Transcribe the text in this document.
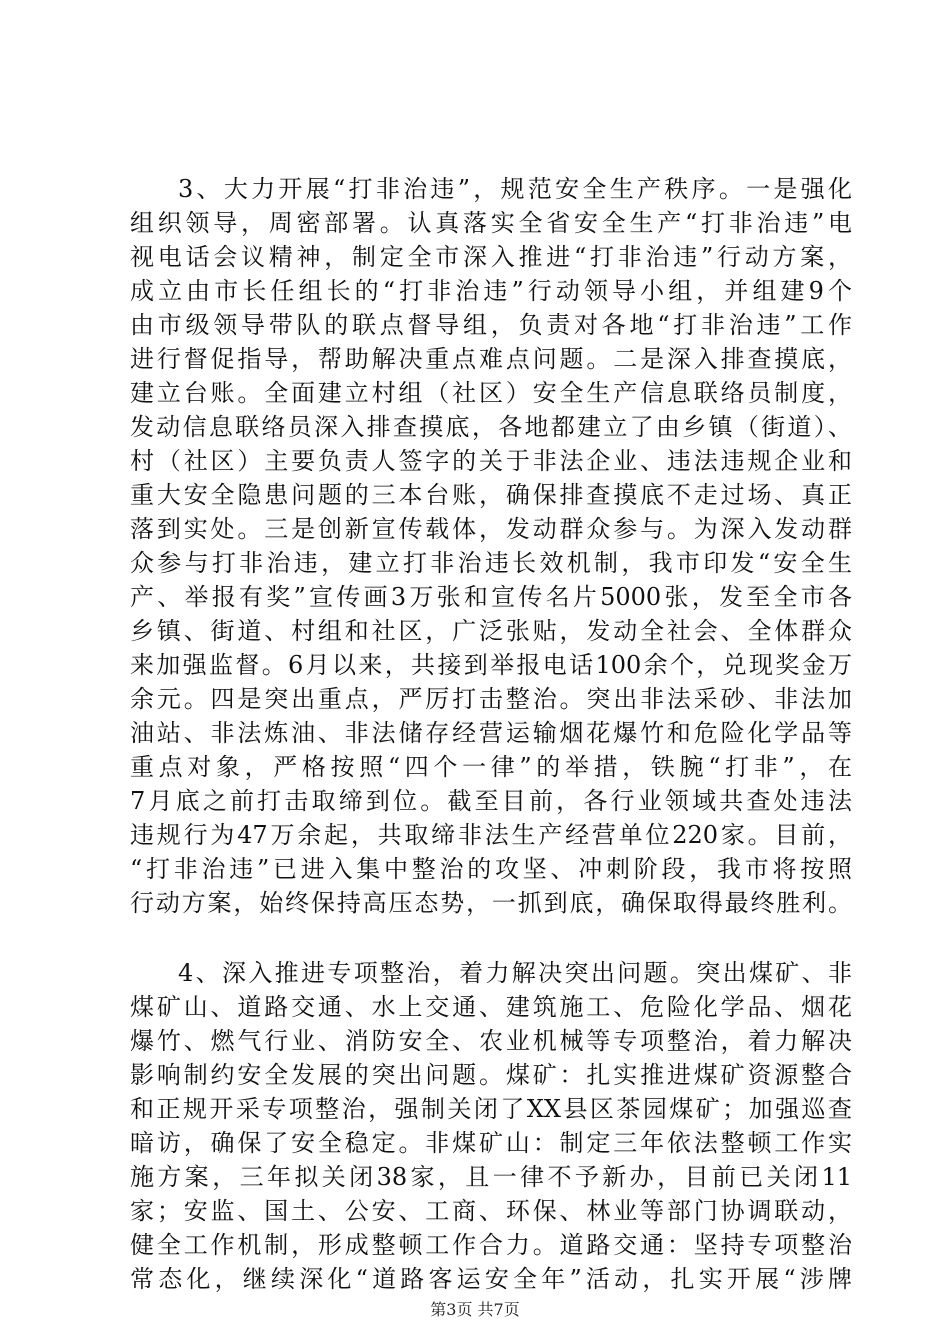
3、大力开展“打非治违”，规范安全生产秩序。一是强化
组织领导，周密部署。认真落实全省安全生产“打非治违”电
视电话会议精神，制定全市深入推进“打非治违”行动方案，
成立由市长任组长的“打非治违”行动领导小组，并组建9个
由市级领导带队的联点督导组，负责对各地“打非治违”工作
进行督促指导，帮助解决重点难点问题。二是深入排查摸底，
建立台账。全面建立村组（社区）安全生产信息联络员制度，
发动信息联络员深入排查摸底，各地都建立了由乡镇（街道）、
村（社区）主要负责人签字的关于非法企业、违法违规企业和
重大安全隐患问题的三本台账，确保排查摸底不走过场、真正
落到实处。三是创新宣传载体，发动群众参与。为深入发动群
众参与打非治违，建立打非治违长效机制，我市印发“安全生
产、举报有奖”宣传画3万张和宣传名片5000张，发至全市各
乡镇、街道、村组和社区，广泛张贴，发动全社会、全体群众
来加强监督。6月以来，共接到举报电话100余个，兑现奖金万
余元。四是突出重点，严厉打击整治。突出非法采砂、非法加
油站、非法炼油、非法储存经营运输烟花爆竹和危险化学品等
重点对象，严格按照“四个一律”的举措，铁腕“打非”，在
7月底之前打击取缔到位。截至目前，各行业领域共查处违法
违规行为47万余起，共取缔非法生产经营单位220家。目前，
“打非治违”已进入集中整治的攻坚、冲刺阶段，我市将按照
行动方案，始终保持高压态势，一抓到底，确保取得最终胜利。
4、深入推进专项整治，着力解决突出问题。突出煤矿、非
煤矿山、道路交通、水上交通、建筑施工、危险化学品、烟花
爆竹、燃气行业、消防安全、农业机械等专项整治，着力解决
影响制约安全发展的突出问题。煤矿：扎实推进煤矿资源整合
和正规开采专项整治，强制关闭了XX县区茶园煤矿；加强巡查
暗访，确保了安全稳定。非煤矿山：制定三年依法整顿工作实
施方案，三年拟关闭38家，且一律不予新办，目前已关闭11
家；安监、国土、公安、工商、环保、林业等部门协调联动，
健全工作机制，形成整顿工作合力。道路交通：坚持专项整治
常态化，继续深化“道路客运安全年”活动，扎实开展“涉牌
第3页 共7页
